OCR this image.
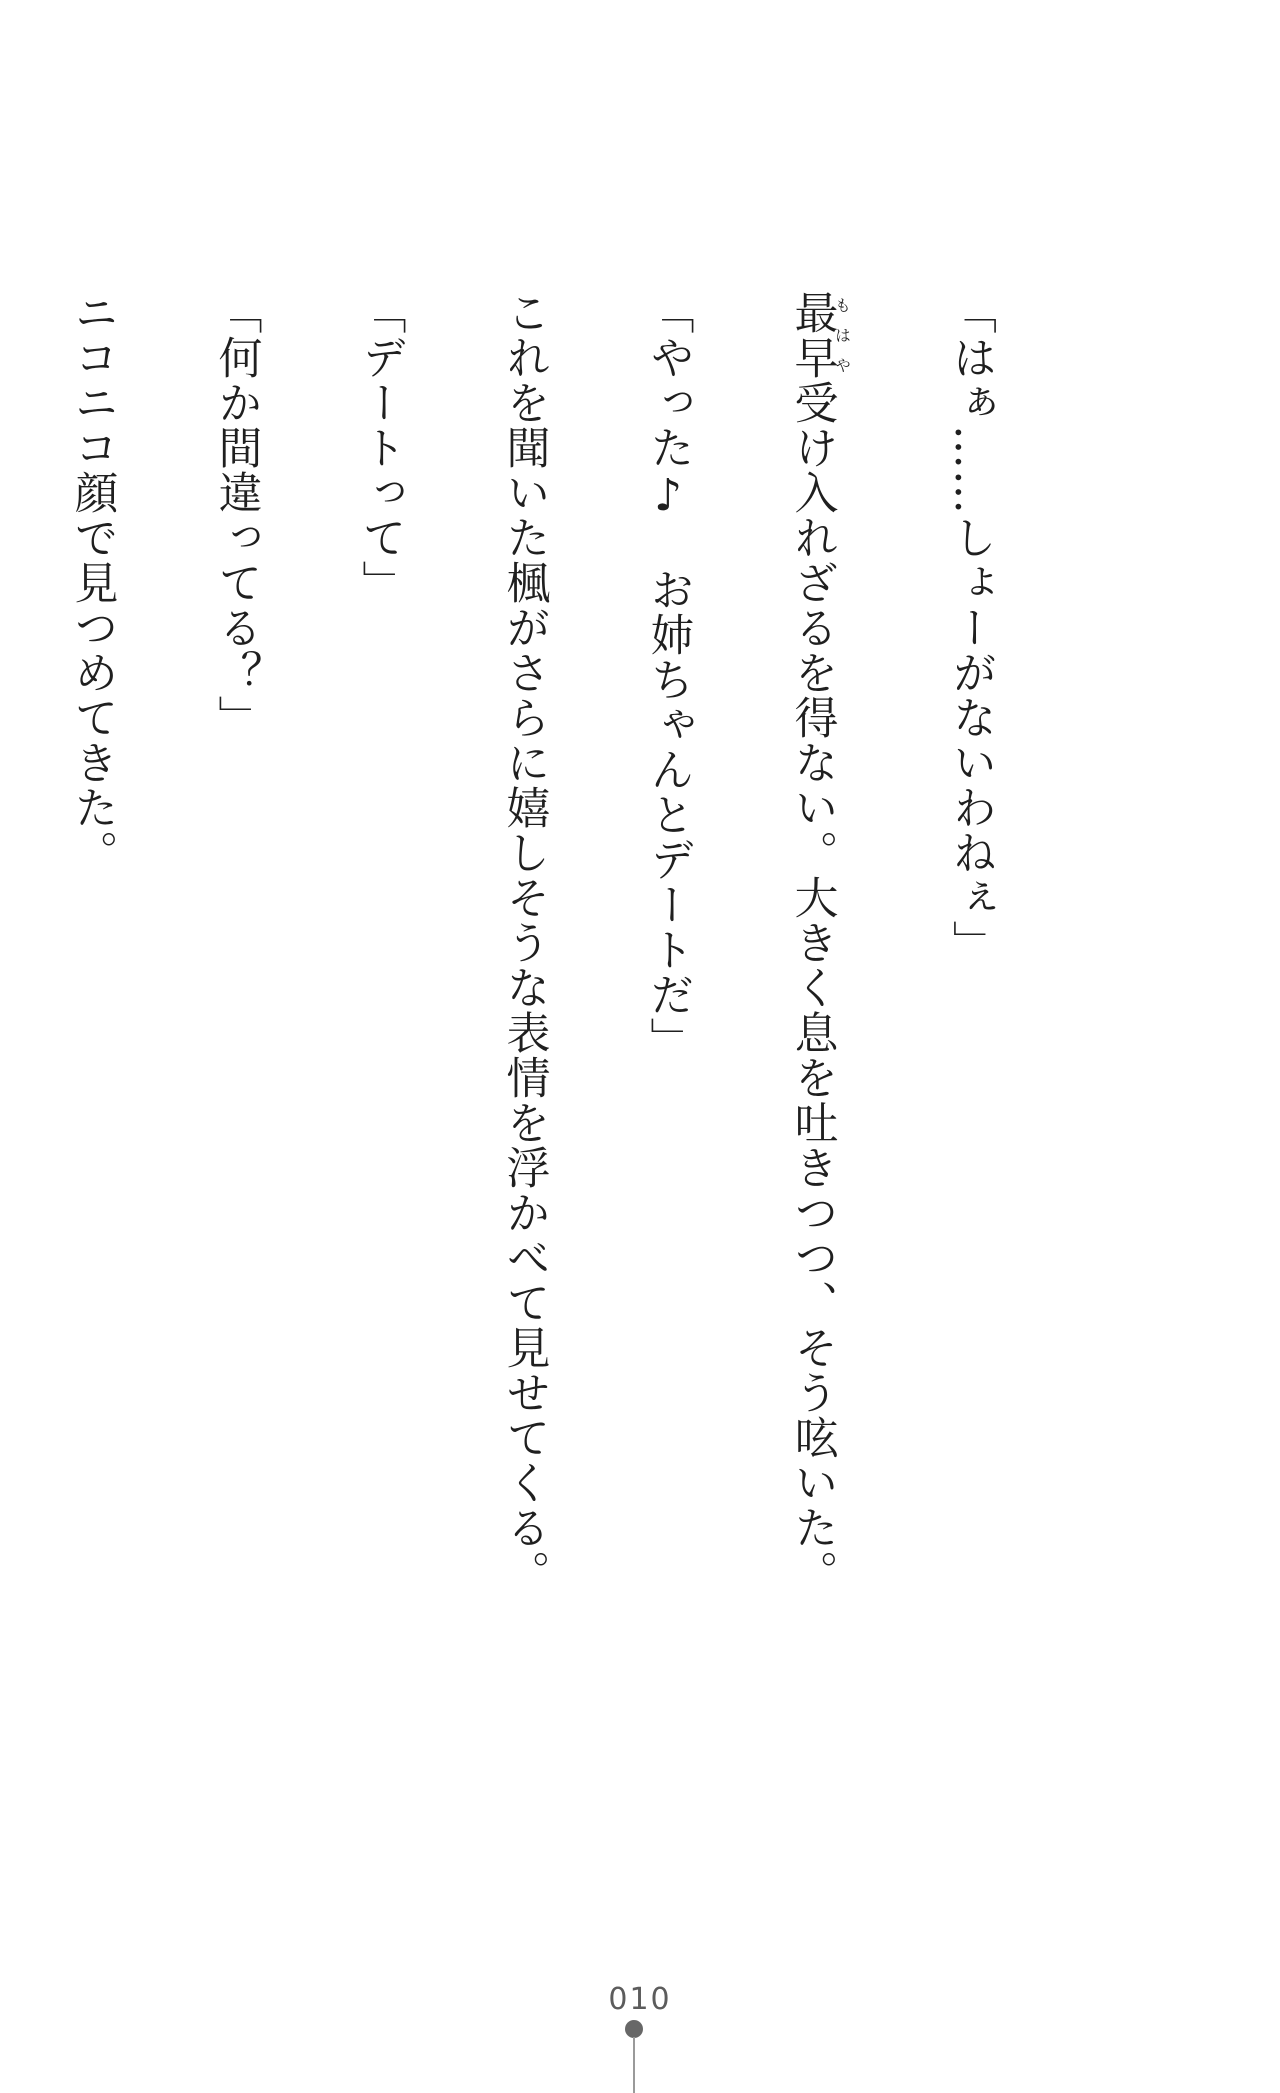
「はぁ……しょーがないわねぇ」

最早もはや受け入れざるを得ない。大きく息を吐きつつ、そう呟いた。

「やった♪　お姉ちゃんとデートだ」

これを聞いた楓がさらに嬉しそうな表情を浮かべて見せてくる。

「デートって」

「何か間違ってる？」

ニコニコ顔で見つめてきた。

010
